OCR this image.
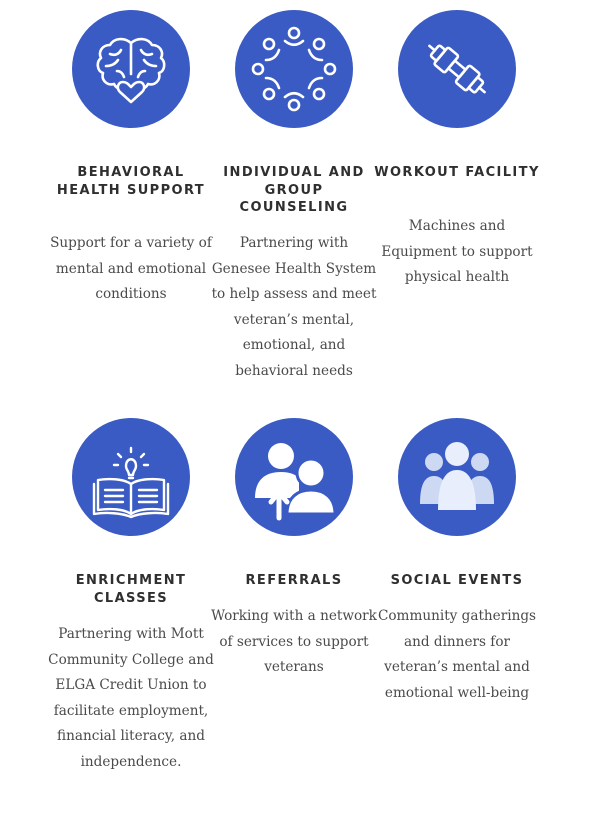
BEHAVIORAL HEALTH SUPPORT
Support for a variety of mental and emotional conditions
INDIVIDUAL AND GROUP COUNSELING
Partnering with Genesee Health System to help assess and meet veteran’s mental, emotional, and behavioral needs
WORKOUT FACILITY
Machines and Equipment to support physical health
ENRICHMENT CLASSES
Partnering with Mott Community College and ELGA Credit Union to facilitate employment, financial literacy, and independence.
REFERRALS
Working with a network of services to support veterans
SOCIAL EVENTS
Community gatherings and dinners for veteran’s mental and emotional well-being
